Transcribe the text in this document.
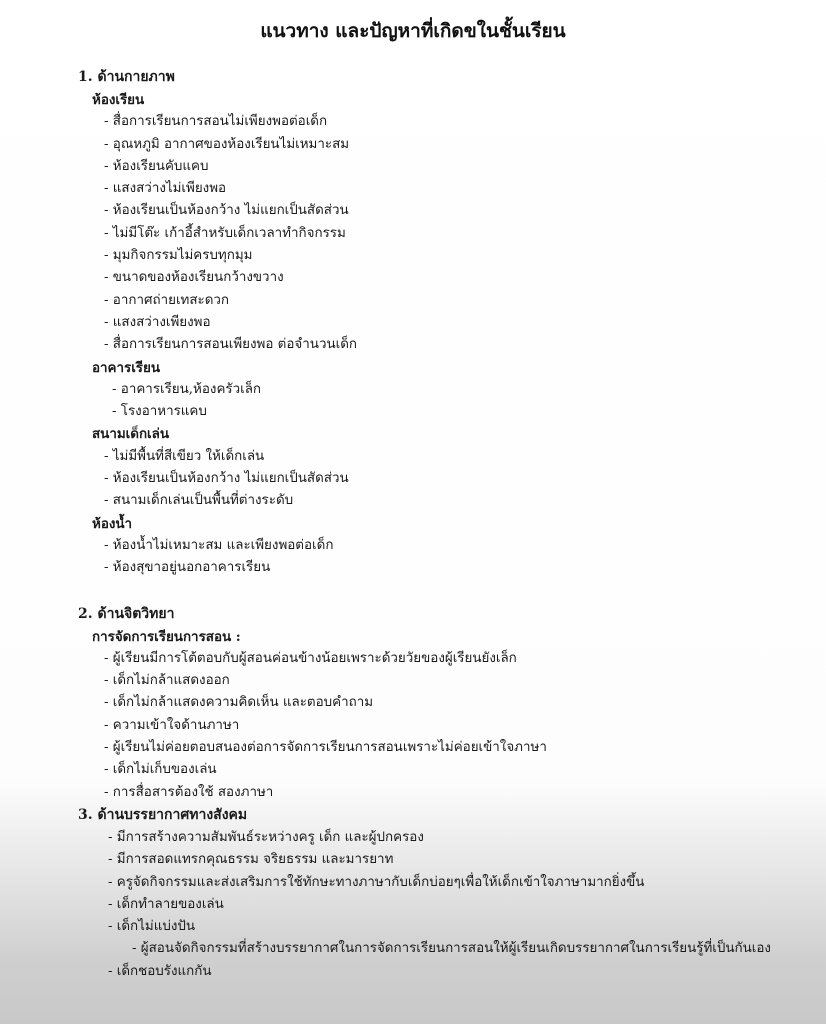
แนวทาง และปัญหาที่เกิดขในชั้นเรียน
1. ด้านกายภาพ
ห้องเรียน
- สื่อการเรียนการสอนไม่เพียงพอต่อเด็ก
- อุณหภูมิ อากาศของห้องเรียนไม่เหมาะสม
- ห้องเรียนคับแคบ
- แสงสว่างไม่เพียงพอ
- ห้องเรียนเป็นห้องกว้าง ไม่แยกเป็นสัดส่วน
- ไม่มีโต๊ะ เก้าอี้สำหรับเด็กเวลาทำกิจกรรม
- มุมกิจกรรมไม่ครบทุกมุม
- ขนาดของห้องเรียนกว้างขวาง
- อากาศถ่ายเทสะดวก
- แสงสว่างเพียงพอ
- สื่อการเรียนการสอนเพียงพอ ต่อจำนวนเด็ก
อาคารเรียน
- อาคารเรียน,ห้องครัวเล็ก
- โรงอาหารแคบ
สนามเด็กเล่น
- ไม่มีพื้นที่สีเขียว ให้เด็กเล่น
- ห้องเรียนเป็นห้องกว้าง ไม่แยกเป็นสัดส่วน
- สนามเด็กเล่นเป็นพื้นที่ต่างระดับ
ห้องน้ำ
- ห้องน้ำไม่เหมาะสม และเพียงพอต่อเด็ก
- ห้องสุขาอยู่นอกอาคารเรียน
2. ด้านจิตวิทยา
การจัดการเรียนการสอน :
- ผู้เรียนมีการโต้ตอบกับผู้สอนค่อนข้างน้อยเพราะด้วยวัยของผู้เรียนยังเล็ก
- เด็กไม่กล้าแสดงออก
- เด็กไม่กล้าแสดงความคิดเห็น และตอบคำถาม
- ความเข้าใจด้านภาษา
- ผู้เรียนไม่ค่อยตอบสนองต่อการจัดการเรียนการสอนเพราะไม่ค่อยเข้าใจภาษา
- เด็กไม่เก็บของเล่น
- การสื่อสารต้องใช้ สองภาษา
3. ด้านบรรยากาศทางสังคม
- มีการสร้างความสัมพันธ์ระหว่างครู เด็ก และผู้ปกครอง
- มีการสอดแทรกคุณธรรม จริยธรรม และมารยาท
- ครูจัดกิจกรรมและส่งเสริมการใช้ทักษะทางภาษากับเด็กบ่อยๆเพื่อให้เด็กเข้าใจภาษามากยิ่งขึ้น
- เด็กทำลายของเล่น
- เด็กไม่แบ่งปัน
- ผู้สอนจัดกิจกรรมที่สร้างบรรยากาศในการจัดการเรียนการสอนให้ผู้เรียนเกิดบรรยากาศในการเรียนรู้ที่เป็นกันเอง
- เด็กชอบรังแกกัน
